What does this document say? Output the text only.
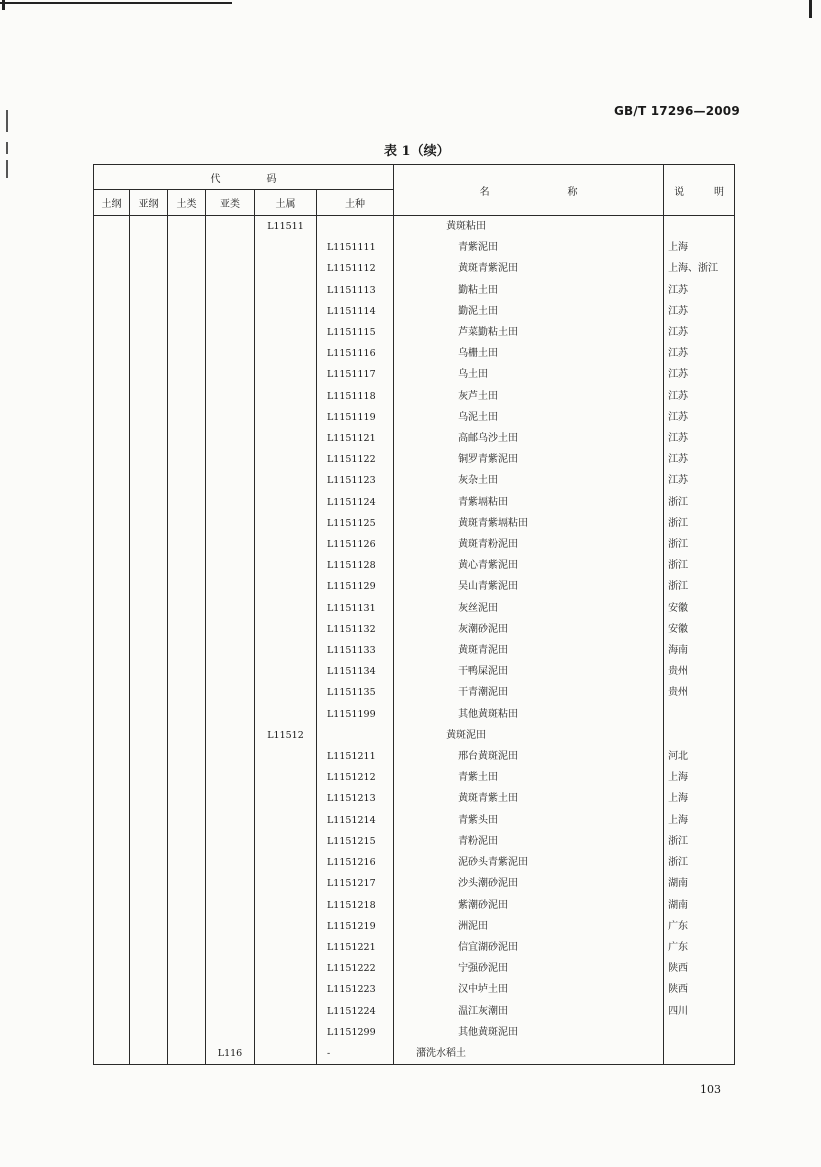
GB/T 17296—2009
表 1（续）
代　码						名　称	说　明
土纲	亚纲	土类	亚类	土属	土种		
				L11511		黄斑粘田	
					L1151111	青紫泥田	上海
					L1151112	黄斑青紫泥田	上海、浙江
					L1151113	勤粘土田	江苏
					L1151114	勤泥土田	江苏
					L1151115	芦菜勤粘土田	江苏
					L1151116	乌栅土田	江苏
					L1151117	乌土田	江苏
					L1151118	灰芦土田	江苏
					L1151119	乌泥土田	江苏
					L1151121	高邮乌沙土田	江苏
					L1151122	铜罗青紫泥田	江苏
					L1151123	灰杂土田	江苏
					L1151124	青紫塥粘田	浙江
					L1151125	黄斑青紫塥粘田	浙江
					L1151126	黄斑青粉泥田	浙江
					L1151128	黄心青紫泥田	浙江
					L1151129	吴山青紫泥田	浙江
					L1151131	灰丝泥田	安徽
					L1151132	灰潮砂泥田	安徽
					L1151133	黄斑青泥田	海南
					L1151134	干鸭屎泥田	贵州
					L1151135	干青潮泥田	贵州
					L1151199	其他黄斑粘田	
				L11512		黄斑泥田	
					L1151211	邢台黄斑泥田	河北
					L1151212	青紫土田	上海
					L1151213	黄斑青紫土田	上海
					L1151214	青紫头田	上海
					L1151215	青粉泥田	浙江
					L1151216	泥砂头青紫泥田	浙江
					L1151217	沙头潮砂泥田	湖南
					L1151218	紫潮砂泥田	湖南
					L1151219	洲泥田	广东
					L1151221	信宜湖砂泥田	广东
					L1151222	宁强砂泥田	陕西
					L1151223	汉中垆土田	陕西
					L1151224	温江灰潮田	四川
					L1151299	其他黄斑泥田	
			L116		-	潴洗水稻土	
103
